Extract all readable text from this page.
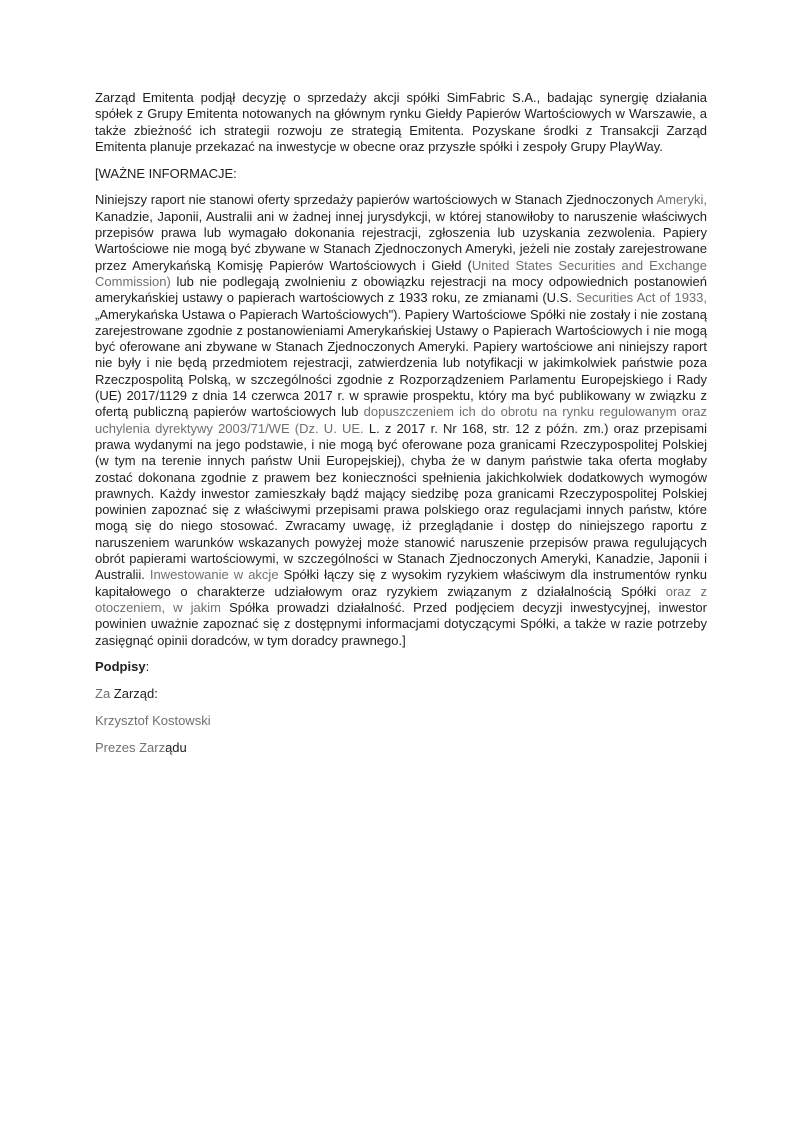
Zarząd Emitenta podjął decyzję o sprzedaży akcji spółki SimFabric S.A., badając synergię działania spółek z Grupy Emitenta notowanych na głównym rynku Giełdy Papierów Wartościowych w Warszawie, a także zbieżność ich strategii rozwoju ze strategią Emitenta. Pozyskane środki z Transakcji Zarząd Emitenta planuje przekazać na inwestycje w obecne oraz przyszłe spółki i zespoły Grupy PlayWay.

[WAŻNE INFORMACJE:

Niniejszy raport nie stanowi oferty sprzedaży papierów wartościowych w Stanach Zjednoczonych Ameryki, Kanadzie, Japonii, Australii ani w żadnej innej jurysdykcji, w której stanowiłoby to naruszenie właściwych przepisów prawa lub wymagało dokonania rejestracji, zgłoszenia lub uzyskania zezwolenia. Papiery Wartościowe nie mogą być zbywane w Stanach Zjednoczonych Ameryki, jeżeli nie zostały zarejestrowane przez Amerykańską Komisję Papierów Wartościowych i Giełd (United States Securities and Exchange Commission) lub nie podlegają zwolnieniu z obowiązku rejestracji na mocy odpowiednich postanowień amerykańskiej ustawy o papierach wartościowych z 1933 roku, ze zmianami (U.S. Securities Act of 1933, „Amerykańska Ustawa o Papierach Wartościowych"). Papiery Wartościowe Spółki nie zostały i nie zostaną zarejestrowane zgodnie z postanowieniami Amerykańskiej Ustawy o Papierach Wartościowych i nie mogą być oferowane ani zbywane w Stanach Zjednoczonych Ameryki. Papiery wartościowe ani niniejszy raport nie były i nie będą przedmiotem rejestracji, zatwierdzenia lub notyfikacji w jakimkolwiek państwie poza Rzeczpospolitą Polską, w szczególności zgodnie z Rozporządzeniem Parlamentu Europejskiego i Rady (UE) 2017/1129 z dnia 14 czerwca 2017 r. w sprawie prospektu, który ma być publikowany w związku z ofertą publiczną papierów wartościowych lub dopuszczeniem ich do obrotu na rynku regulowanym oraz uchylenia dyrektywy 2003/71/WE (Dz. U. UE. L. z 2017 r. Nr 168, str. 12 z późn. zm.) oraz przepisami prawa wydanymi na jego podstawie, i nie mogą być oferowane poza granicami Rzeczypospolitej Polskiej (w tym na terenie innych państw Unii Europejskiej), chyba że w danym państwie taka oferta mogłaby zostać dokonana zgodnie z prawem bez konieczności spełnienia jakichkolwiek dodatkowych wymogów prawnych. Każdy inwestor zamieszkały bądź mający siedzibę poza granicami Rzeczypospolitej Polskiej powinien zapoznać się z właściwymi przepisami prawa polskiego oraz regulacjami innych państw, które mogą się do niego stosować. Zwracamy uwagę, iż przeglądanie i dostęp do niniejszego raportu z naruszeniem warunków wskazanych powyżej może stanowić naruszenie przepisów prawa regulujących obrót papierami wartościowymi, w szczególności w Stanach Zjednoczonych Ameryki, Kanadzie, Japonii i Australii. Inwestowanie w akcje Spółki łączy się z wysokim ryzykiem właściwym dla instrumentów rynku kapitałowego o charakterze udziałowym oraz ryzykiem związanym z działalnością Spółki oraz z otoczeniem, w jakim Spółka prowadzi działalność. Przed podjęciem decyzji inwestycyjnej, inwestor powinien uważnie zapoznać się z dostępnymi informacjami dotyczącymi Spółki, a także w razie potrzeby zasięgnąć opinii doradców, w tym doradcy prawnego.]

Podpisy:

Za Zarząd:

Krzysztof Kostowski

Prezes Zarządu
